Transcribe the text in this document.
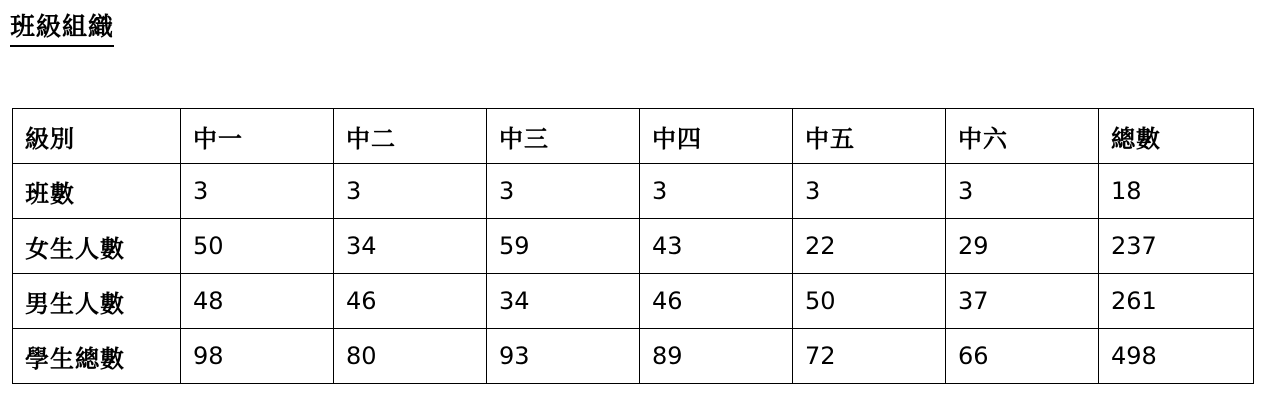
班級組織
級別	中一	中二	中三	中四	中五	中六	總數
班數	3	3	3	3	3	3	18
女生人數	50	34	59	43	22	29	237
男生人數	48	46	34	46	50	37	261
學生總數	98	80	93	89	72	66	498
